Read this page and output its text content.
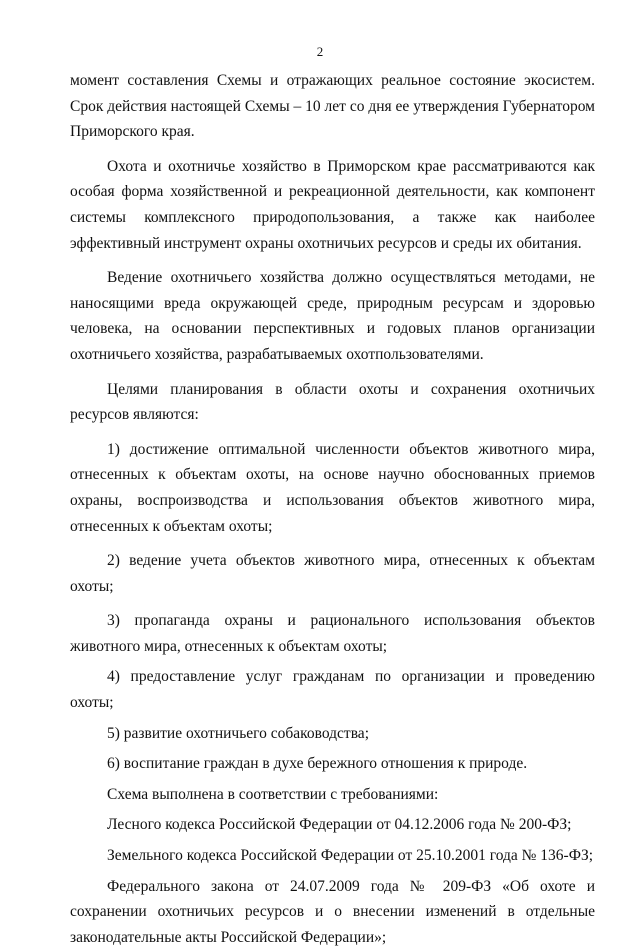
2

момент составления Схемы и отражающих реальное состояние экосистем. Срок действия настоящей Схемы – 10 лет со дня ее утверждения Губернатором Приморского края.

Охота и охотничье хозяйство в Приморском крае рассматриваются как особая форма хозяйственной и рекреационной деятельности, как компонент системы комплексного природопользования, а также как наиболее эффективный инструмент охраны охотничьих ресурсов и среды их обитания.

Ведение охотничьего хозяйства должно осуществляться методами, не наносящими вреда окружающей среде, природным ресурсам и здоровью человека, на основании перспективных и годовых планов организации охотничьего хозяйства, разрабатываемых охотпользователями.

Целями планирования в области охоты и сохранения охотничьих ресурсов являются:

1) достижение оптимальной численности объектов животного мира, отнесенных к объектам охоты, на основе научно обоснованных приемов охраны, воспроизводства и использования объектов животного мира, отнесенных к объектам охоты;

2) ведение учета объектов животного мира, отнесенных к объектам охоты;

3) пропаганда охраны и рационального использования объектов животного мира, отнесенных к объектам охоты;

4) предоставление услуг гражданам по организации и проведению охоты;

5) развитие охотничьего собаководства;

6) воспитание граждан в духе бережного отношения к природе.

Схема выполнена в соответствии с требованиями:

Лесного кодекса Российской Федерации от 04.12.2006 года № 200-ФЗ;

Земельного кодекса Российской Федерации от 25.10.2001 года № 136-ФЗ;

Федерального закона от 24.07.2009 года № 209-ФЗ «Об охоте и сохранении охотничьих ресурсов и о внесении изменений в отдельные законодательные акты Российской Федерации»;
